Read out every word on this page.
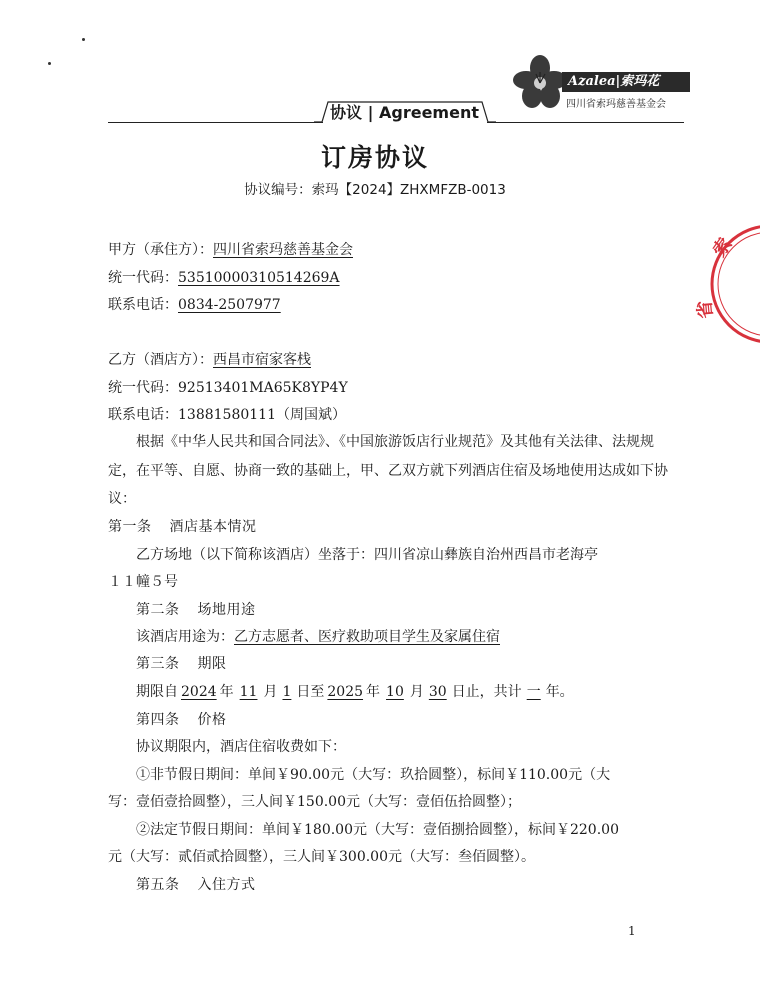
Azalea|索玛花
四川省索玛慈善基金会
协议 | Agreement
索
省
订房协议
协议编号：索玛【2024】ZHXMFZB-0013
甲方（承住方）：四川省索玛慈善基金会
统一代码：53510000310514269A
联系电话：0834-2507977
乙方（酒店方）：西昌市宿家客栈
统一代码：92513401MA65K8YP4Y
联系电话：13881580111（周国斌）
根据《中华人民共和国合同法》、《中国旅游饭店行业规范》及其他有关法律、法规规定，在平等、自愿、协商一致的基础上，甲、乙双方就下列酒店住宿及场地使用达成如下协议：
第一条 酒店基本情况
乙方场地（以下简称该酒店）坐落于：四川省凉山彝族自治州西昌市老海亭
１１幢５号
第二条 场地用途
该酒店用途为：乙方志愿者、医疗救助项目学生及家属住宿
第三条 期限
期限自 2024 年 11 月 1 日至 2025 年 10 月 30 日止，共计 一 年。
第四条 价格
协议期限内，酒店住宿收费如下：
①非节假日期间：单间￥90.00元（大写：玖拾圆整），标间￥110.00元（大
写：壹佰壹拾圆整），三人间￥150.00元（大写：壹佰伍拾圆整）；
②法定节假日期间：单间￥180.00元（大写：壹佰捌拾圆整），标间￥220.00
元（大写：贰佰贰拾圆整），三人间￥300.00元（大写：叁佰圆整）。
第五条 入住方式
1
